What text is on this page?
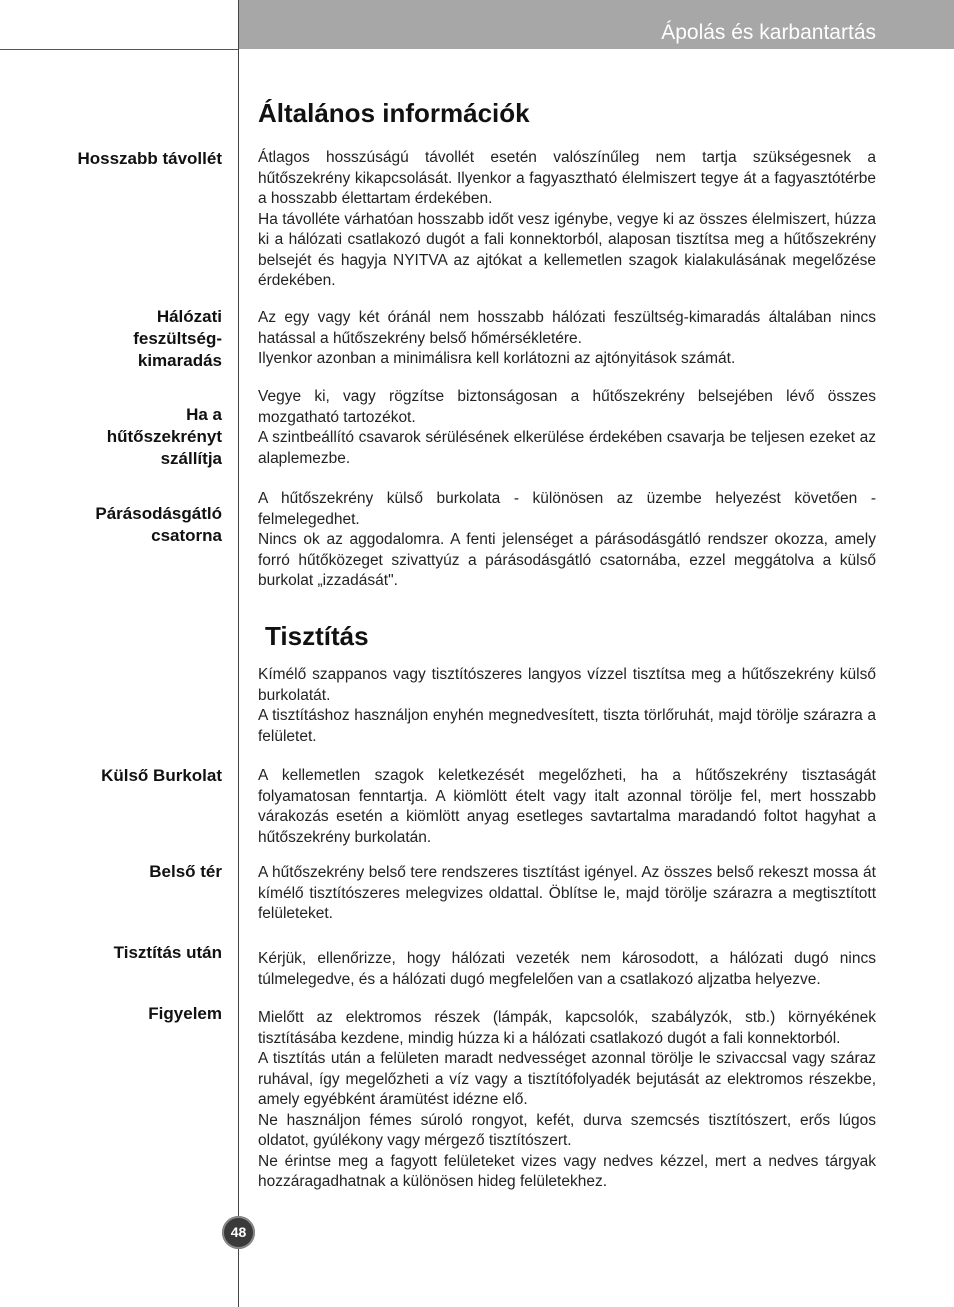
Ápolás és karbantartás
Általános információk
Hosszabb távollét Átlagos hosszúságú távollét esetén valószínűleg nem tartja szükségesnek a hűtőszekrény kikapcsolását. Ilyenkor a fagyasztható élelmiszert tegye át a fagyasztótérbe a hosszabb élettartam érdekében.

Ha távolléte várhatóan hosszabb időt vesz igénybe, vegye ki az összes élelmiszert, húzza ki a hálózati csatlakozó dugót a fali konnektorból, alaposan tisztítsa meg a hűtőszekrény belsejét és hagyja NYITVA az ajtókat a kellemetlen szagok kialakulásának megelőzése érdekében.

Hálózati
feszültség-
kimaradás

Az egy vagy két óránál nem hosszabb hálózati feszültség-kimaradás általában nincs hatással a hűtőszekrény belső hőmérsékletére.

Ilyenkor azonban a minimálisra kell korlátozni az ajtónyitások számát.

Ha a
hűtőszekrényt
szállítja

Vegye ki, vagy rögzítse biztonságosan a hűtőszekrény belsejében lévő összes mozgatható tartozékot.

A szintbeállító csavarok sérülésének elkerülése érdekében csavarja be teljesen ezeket az alaplemezbe.

Párásodásgátló
csatorna

A hűtőszekrény külső burkolata - különösen az üzembe helyezést követően - felmelegedhet.

Nincs ok az aggodalomra. A fenti jelenséget a párásodásgátló rendszer okozza, amely forró hűtőközeget szivattyúz a párásodásgátló csatornába, ezzel meggátolva a külső burkolat „izzadását".

Tisztítás

Kímélő szappanos vagy tisztítószeres langyos vízzel tisztítsa meg a hűtőszekrény külső burkolatát.

A tisztításhoz használjon enyhén megnedvesített, tiszta törlőruhát, majd törölje szárazra a felületet.

Külső Burkolat A kellemetlen szagok keletkezését megelőzheti, ha a hűtőszekrény tisztaságát folyamatosan fenntartja. A kiömlött ételt vagy italt azonnal törölje fel, mert hosszabb várakozás esetén a kiömlött anyag esetleges savtartalma maradandó foltot hagyhat a hűtőszekrény burkolatán.

Belső tér A hűtőszekrény belső tere rendszeres tisztítást igényel. Az összes belső rekeszt mossa át kímélő tisztítószeres melegvizes oldattal. Öblítse le, majd törölje szárazra a megtisztított felületeket.

Tisztítás után Kérjük, ellenőrizze, hogy hálózati vezeték nem károsodott, a hálózati dugó nincs túlmelegedve, és a hálózati dugó megfelelően van a csatlakozó aljzatba helyezve.

Figyelem Mielőtt az elektromos részek (lámpák, kapcsolók, szabályzók, stb.) környékének tisztításába kezdene, mindig húzza ki a hálózati csatlakozó dugót a fali konnektorból.

A tisztítás után a felületen maradt nedvességet azonnal törölje le szivaccsal vagy száraz ruhával, így megelőzheti a víz vagy a tisztítófolyadék bejutását az elektromos részekbe, amely egyébként áramütést idézne elő.

Ne használjon fémes súroló rongyot, kefét, durva szemcsés tisztítószert, erős lúgos oldatot, gyúlékony vagy mérgező tisztítószert.

Ne érintse meg a fagyott felületeket vizes vagy nedves kézzel, mert a nedves tárgyak hozzáragadhatnak a különösen hideg felületekhez.

48
